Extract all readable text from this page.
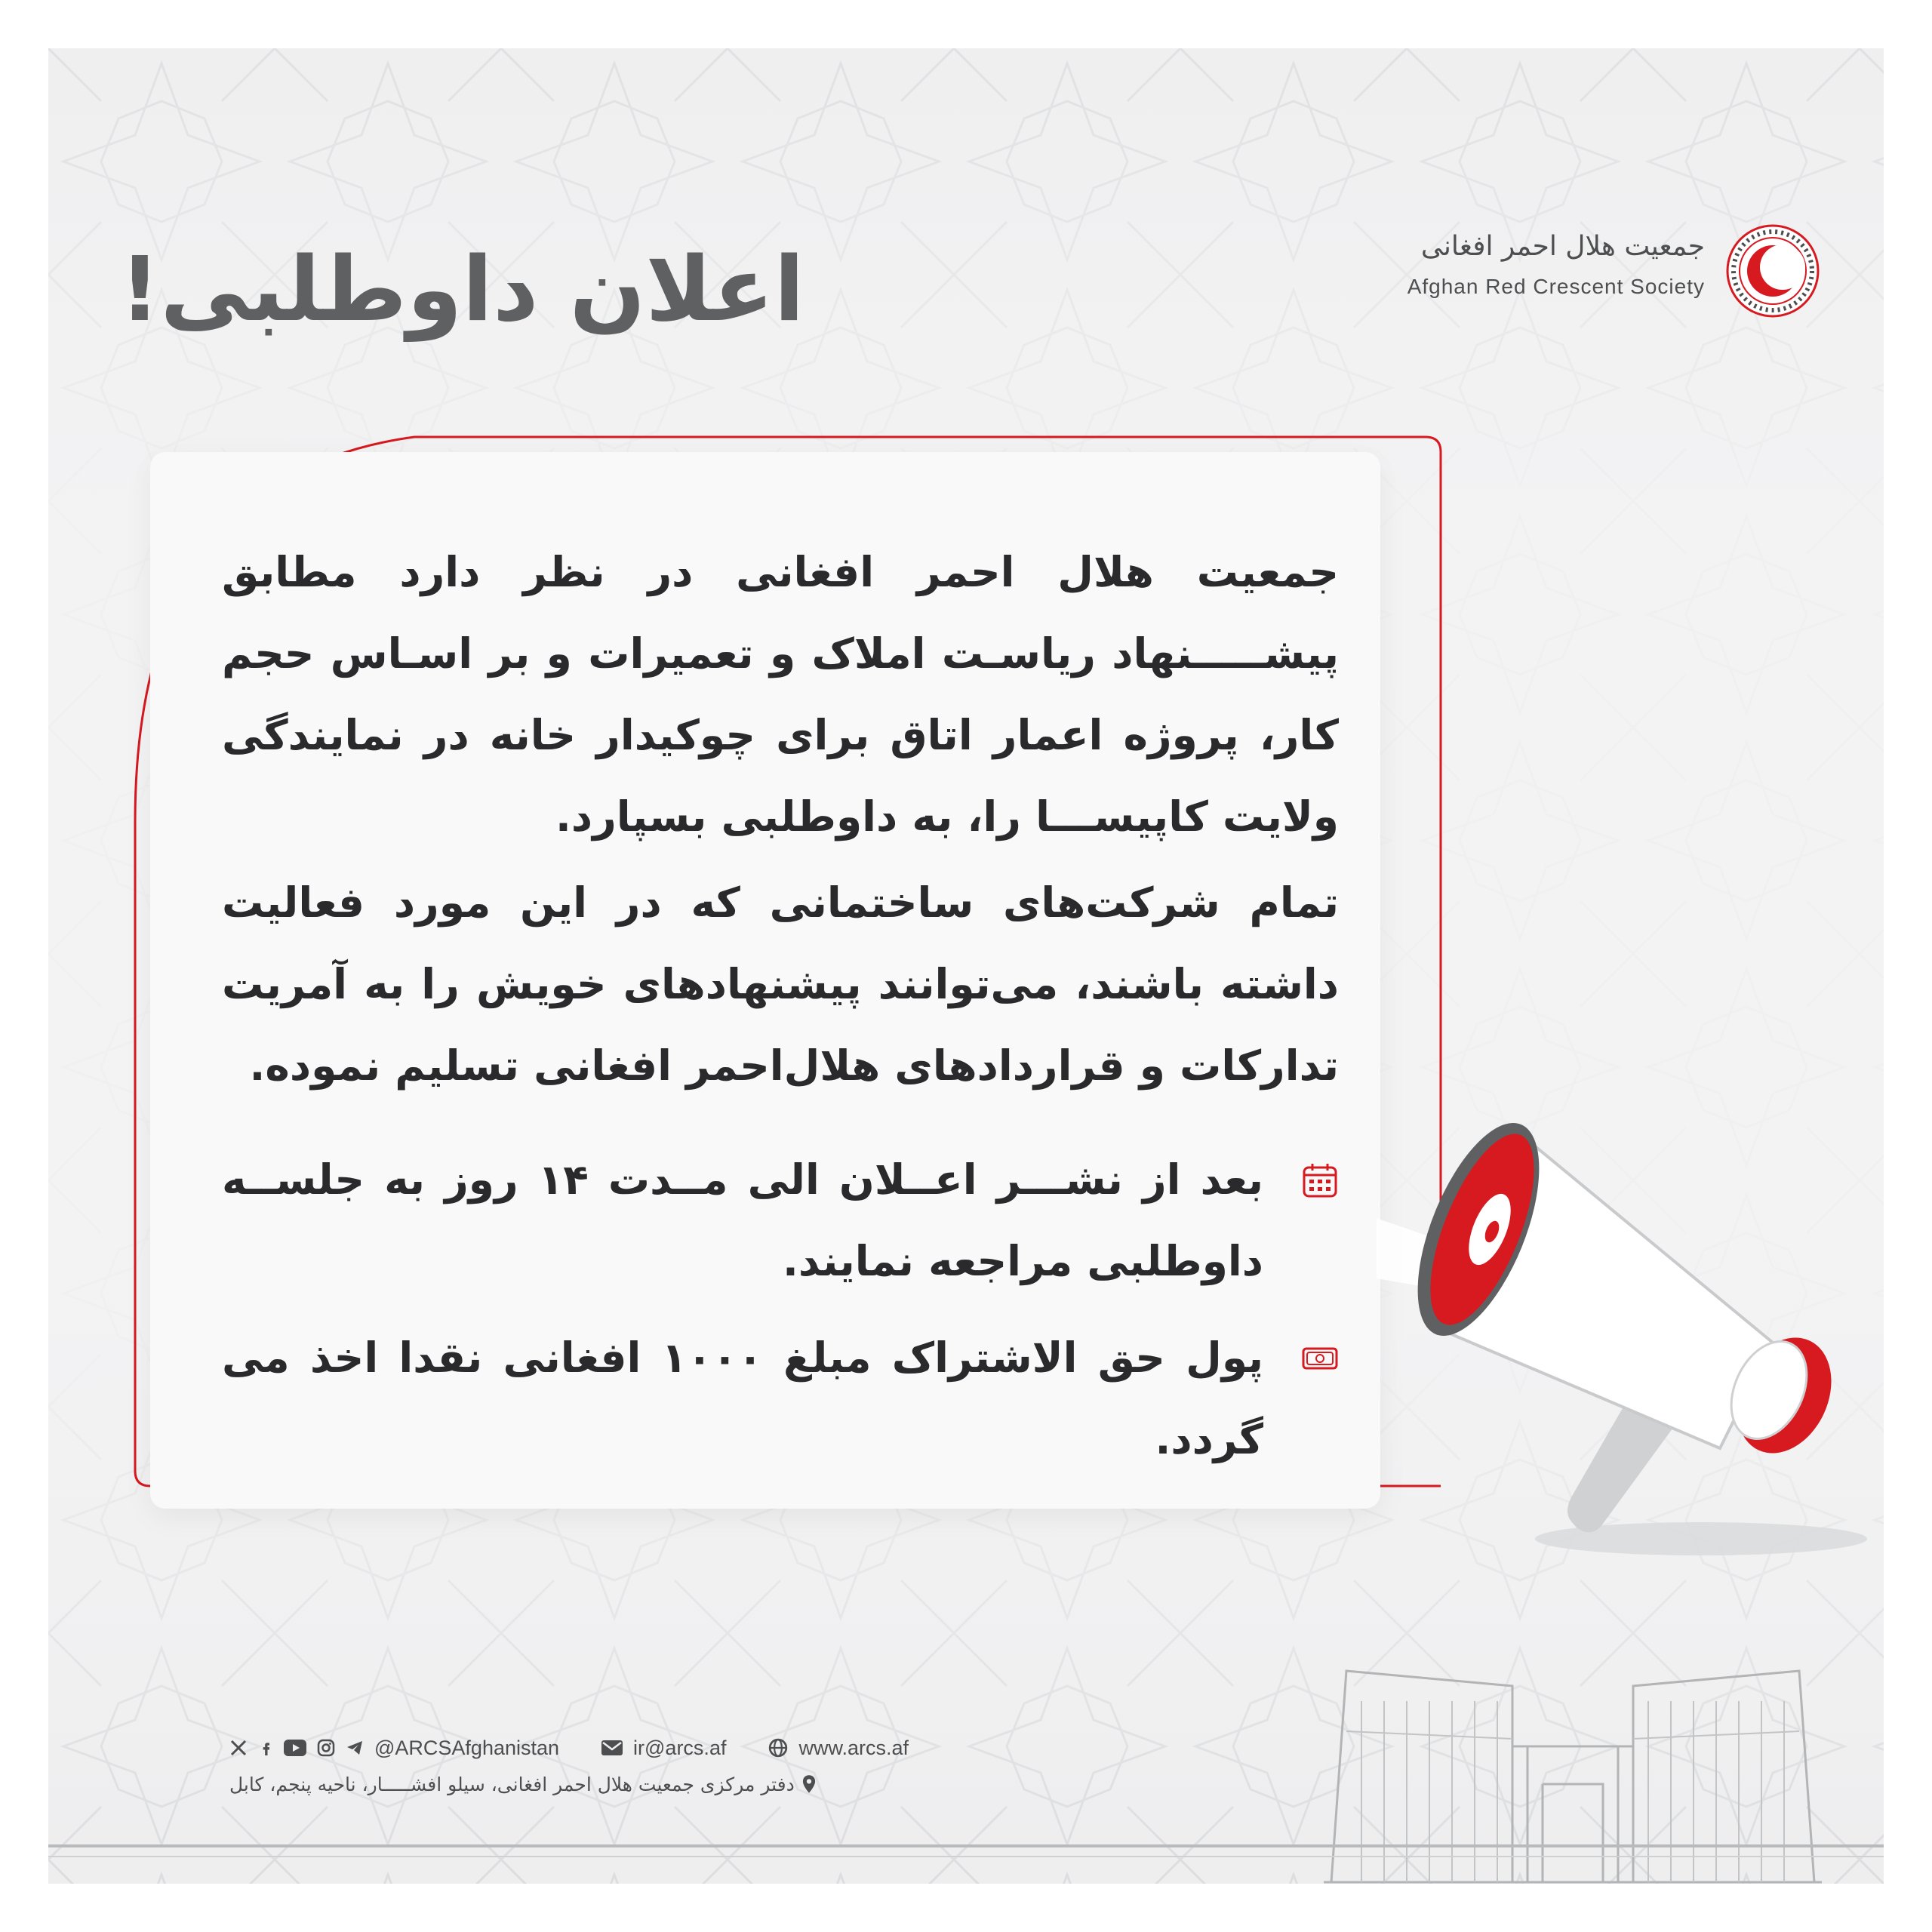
اعلان داوطلبی!	جمعیت هلال احمر افغانی
Afghan Red Crescent Society

جمعیت هلال احمر افغانی در نظر دارد مطابق پیشـــــنهاد ریاسـت املاک و تعمیرات و بر اسـاس حجم کار، پروژه اعمار اتاق برای چوکیدار خانه در نمایندگی ولایت کاپیســـا را، به داوطلبی بسپارد.

تمام شرکت‌های ساختمانی که در این مورد فعالیت داشته باشند، می‌توانند پیشنهادهای خویش را به آمریت تدارکات و قراردادهای هلال‌احمر افغانی تسلیم نموده.

بعد از نشـــر اعــلان الی مــدت ۱۴ روز به جلســه داوطلبی مراجعه نمایند.
پول حق الاشتراک مبلغ ۱۰۰۰ افغانی نقدا اخذ می گردد.
@ARCSAfghanistan	ir@arcs.af	www.arcs.af
دفتر مرکزی جمعیت هلال احمر افغانی، سیلو افشـــــار، ناحیه پنجم، کابل
